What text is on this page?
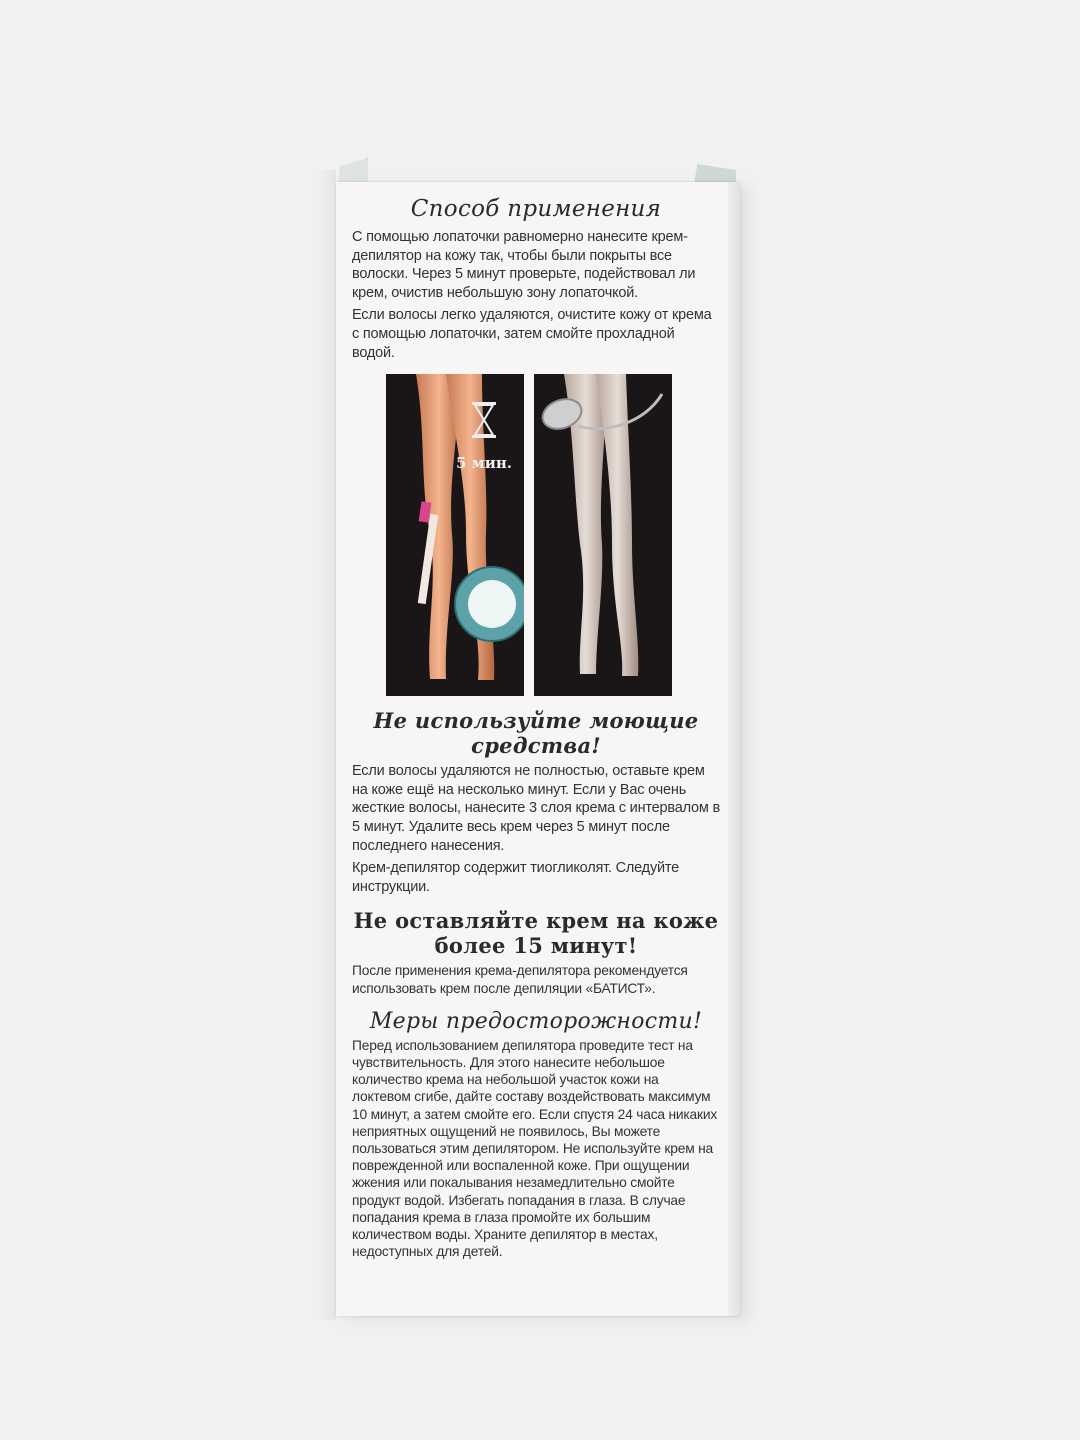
Способ применения

С помощью лопаточки равномерно нанесите крем-депилятор на кожу так, чтобы были покрыты все волоски. Через 5 минут проверьте, подействовал ли крем, очистив небольшую зону лопаточкой.

Если волосы легко удаляются, очистите кожу от крема с помощью лопаточки, затем смойте прохладной водой.

5 мин.
Не используйте моющие средства!

Если волосы удаляются не полностью, оставьте крем на коже ещё на несколько минут. Если у Вас очень жесткие волосы, нанесите 3 слоя крема с интервалом в 5 минут. Удалите весь крем через 5 минут после последнего нанесения.

Крем-депилятор содержит тиогликолят. Следуйте инструкции.

Не оставляйте крем на коже более 15 минут!

После применения крема-депилятора рекомендуется использовать крем после депиляции «БАТИСТ».

Меры предосторожности!

Перед использованием депилятора проведите тест на чувствительность. Для этого нанесите небольшое количество крема на небольшой участок кожи на локтевом сгибе, дайте составу воздействовать максимум 10 минут, а затем смойте его. Если спустя 24 часа никаких неприятных ощущений не появилось, Вы можете пользоваться этим депилятором. Не используйте крем на поврежденной или воспаленной коже. При ощущении жжения или покалывания незамедлительно смойте продукт водой. Избегать попадания в глаза. В случае попадания крема в глаза промойте их большим количеством воды. Храните депилятор в местах, недоступных для детей.
